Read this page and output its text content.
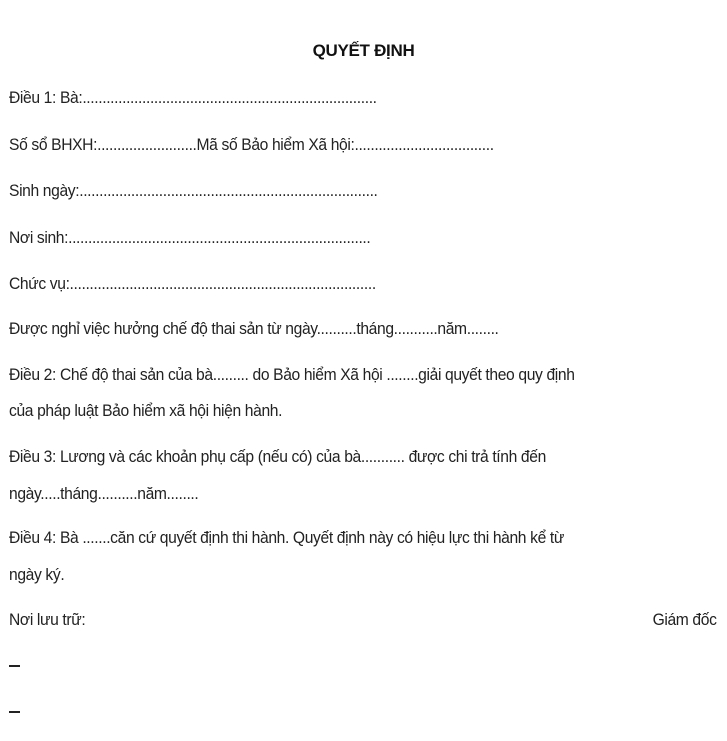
QUYẾT ĐỊNH
Điều 1: Bà:..........................................................................
Số sổ BHXH:.........................Mã số Bảo hiểm Xã hội:...................................
Sinh ngày:...........................................................................
Nơi sinh:............................................................................
Chức vụ:.............................................................................
Được nghỉ việc hưởng chế độ thai sản từ ngày..........tháng...........năm........
Điều 2: Chế độ thai sản của bà......... do Bảo hiểm Xã hội ........giải quyết theo quy định
của pháp luật Bảo hiểm xã hội hiện hành.
Điều 3: Lương và các khoản phụ cấp (nếu có) của bà........... được chi trả tính đến
ngày.....tháng..........năm........
Điều 4: Bà .......căn cứ quyết định thi hành. Quyết định này có hiệu lực thi hành kể từ
ngày ký.
Nơi lưu trữ:	Giám đốc
